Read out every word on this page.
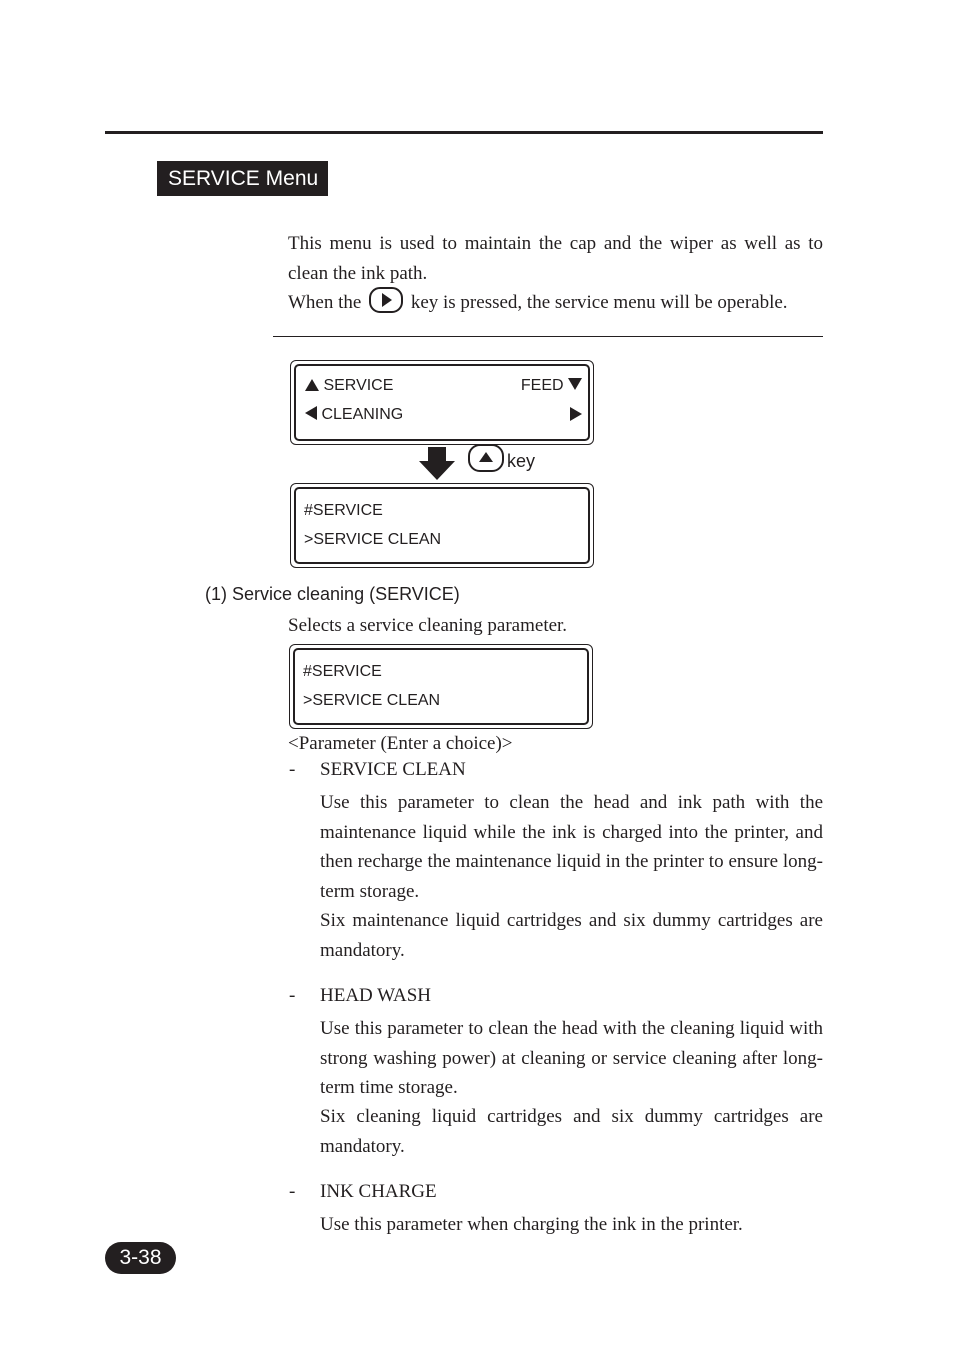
SERVICE Menu
This menu is used to maintain the cap and the wiper as well as to clean the ink path.
When the	key is pressed, the service menu will be operable.
SERVICE	FEED
CLEANING
key
#SERVICE
>SERVICE CLEAN
(1) Service cleaning (SERVICE)
Selects a service cleaning parameter.
#SERVICE
>SERVICE CLEAN
<Parameter (Enter a choice)>
- SERVICE CLEAN
Use this parameter to clean the head and ink path with the maintenance liquid while the ink is charged into the printer, and then recharge the maintenance liquid in the printer to ensure long-term storage.
Six maintenance liquid cartridges and six dummy cartridges are mandatory.
- HEAD WASH
Use this parameter to clean the head with the cleaning liquid with strong washing power) at cleaning or service cleaning after long-term time storage.
Six cleaning liquid cartridges and six dummy cartridges are mandatory.
- INK CHARGE
Use this parameter when charging the ink in the printer.
3-38
